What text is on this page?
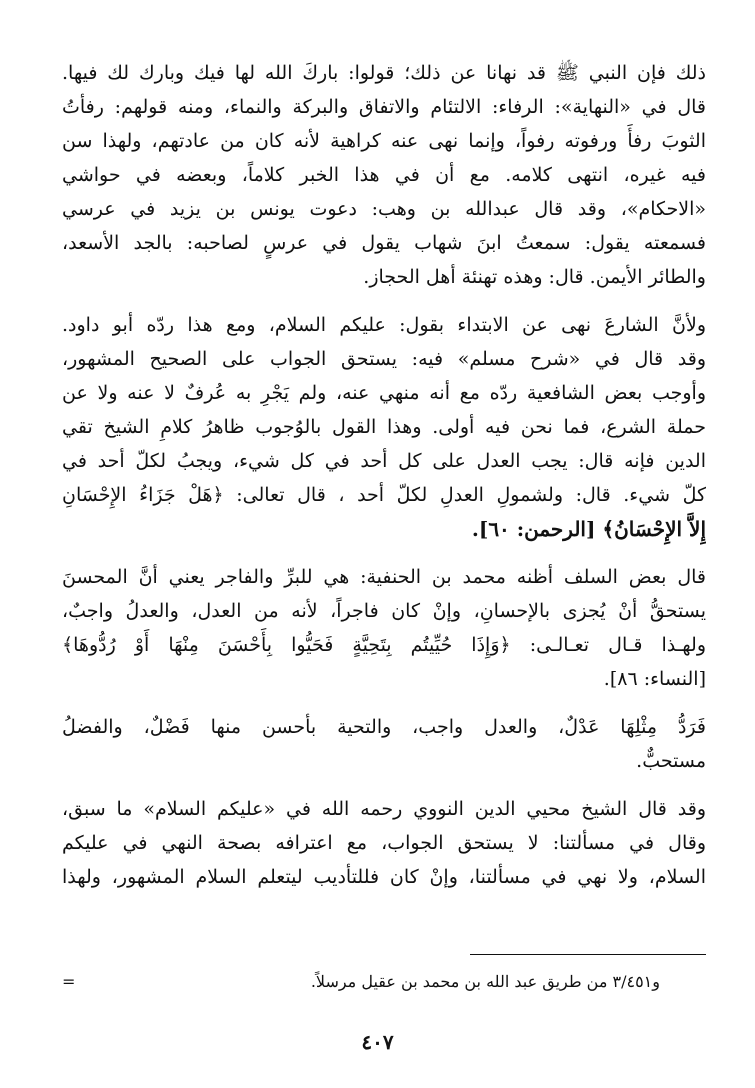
ذلك فإن النبي ﷺ قد نهانا عن ذلك؛ قولوا: باركَ الله لها فيك وبارك لك فيها.
قال في «النهاية»: الرفاء: الالتئام والاتفاق والبركة والنماء، ومنه قولهم: رفأتُ
الثوبَ رفأً ورفوته رفواً، وإنما نهى عنه كراهية لأنه كان من عادتهم، ولهذا سن
فيه غيره، انتهى كلامه. مع أن في هذا الخبر كلاماً، وبعضه في حواشي
«الاحكام»، وقد قال عبدالله بن وهب: دعوت يونس بن يزيد في عرسي
فسمعته يقول: سمعتُ ابنَ شهاب يقول في عرسٍ لصاحبه: بالجد الأسعد،
والطائر الأيمن. قال: وهذه تهنئة أهل الحجاز.

ولأنَّ الشارعَ نهى عن الابتداء بقول: عليكم السلام، ومع هذا ردّه أبو داود.
وقد قال في «شرح مسلم» فيه: يستحق الجواب على الصحيح المشهور،
وأوجب بعض الشافعية ردّه مع أنه منهي عنه، ولم يَجْرِ به عُرفٌ لا عنه ولا عن
حملة الشرع، فما نحن فيه أولى. وهذا القول بالوُجوب ظاهرُ كلامِ الشيخ تقي
الدين فإنه قال: يجب العدل على كل أحد في كل شيء، ويجبُ لكلّ أحد في
كلّ شيء. قال: ولشمولِ العدلِ لكلّ أحد ، قال تعالى: ﴿هَلْ جَزَاءُ الإِحْسَانِ
إِلاَّ الإِحْسَانُ﴾ [الرحمن: ٦٠].

قال بعض السلف أظنه محمد بن الحنفية: هي للبرِّ والفاجر يعني أنَّ المحسنَ
يستحقُّ أنْ يُجزى بالإحسانِ، وإنْ كان فاجراً، لأنه من العدل، والعدلُ واجبٌ،
ولهـذا قـال تعـالـى: ﴿وَإِذَا حُيِّيتُم بِتَحِيَّةٍ فَحَيُّوا بِأَحْسَنَ مِنْهَا أَوْ رُدُّوهَا﴾
[النساء: ٨٦].

فَرَدُّ مِثْلِهَا عَدْلٌ، والعدل واجب، والتحية بأحسن منها فَضْلٌ، والفضلُ
مستحبٌّ.

وقد قال الشيخ محيي الدين النووي رحمه الله في «عليكم السلام» ما سبق،
وقال في مسألتنا: لا يستحق الجواب، مع اعترافه بصحة النهي في عليكم
السلام، ولا نهي في مسألتنا، وإنْ كان فللتأديب ليتعلم السلام المشهور، ولهذا

=	و٣/٤٥١ من طريق عبد الله بن محمد بن عقيل مرسلاً.
٤٠٧
